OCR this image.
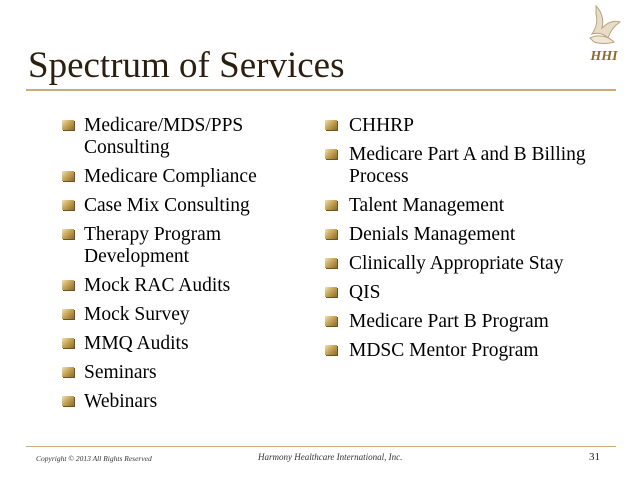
HHI
Spectrum of Services
Medicare/MDS/PPS Consulting
Medicare Compliance
Case Mix Consulting
Therapy Program Development
Mock RAC Audits
Mock Survey
MMQ Audits
Seminars
Webinars
CHHRP
Medicare Part A and B Billing Process
Talent Management
Denials Management
Clinically Appropriate Stay
QIS
Medicare Part B Program
MDSC Mentor Program
Copyright © 2013 All Rights Reserved	Harmony Healthcare International, Inc.	31
